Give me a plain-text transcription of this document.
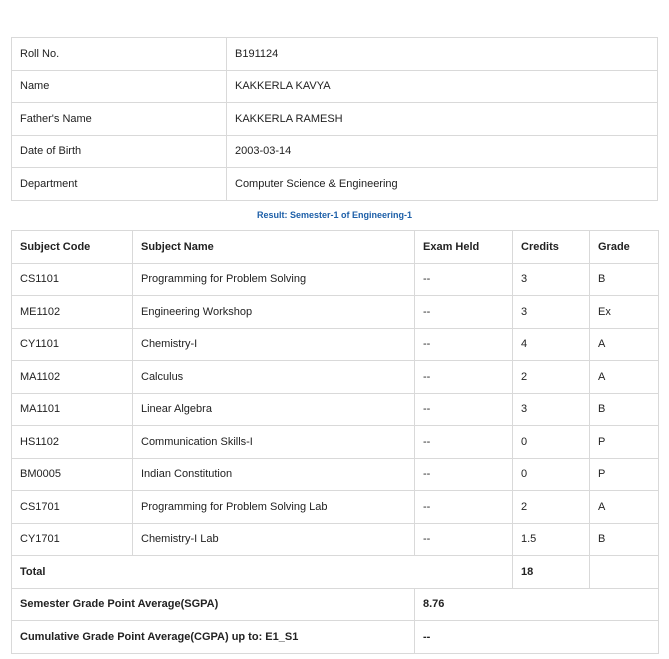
Roll No.	B191124
Name	KAKKERLA KAVYA
Father's Name	KAKKERLA RAMESH
Date of Birth	2003-03-14
Department	Computer Science & Engineering
Result: Semester-1 of Engineering-1
Subject Code	Subject Name	Exam Held	Credits	Grade
CS1101	Programming for Problem Solving	--	3	B
ME1102	Engineering Workshop	--	3	Ex
CY1101	Chemistry-I	--	4	A
MA1102	Calculus	--	2	A
MA1101	Linear Algebra	--	3	B
HS1102	Communication Skills-I	--	0	P
BM0005	Indian Constitution	--	0	P
CS1701	Programming for Problem Solving Lab	--	2	A
CY1701	Chemistry-I Lab	--	1.5	B
Total			18	
Semester Grade Point Average(SGPA)		8.76		
Cumulative Grade Point Average(CGPA) up to: E1_S1		--		
